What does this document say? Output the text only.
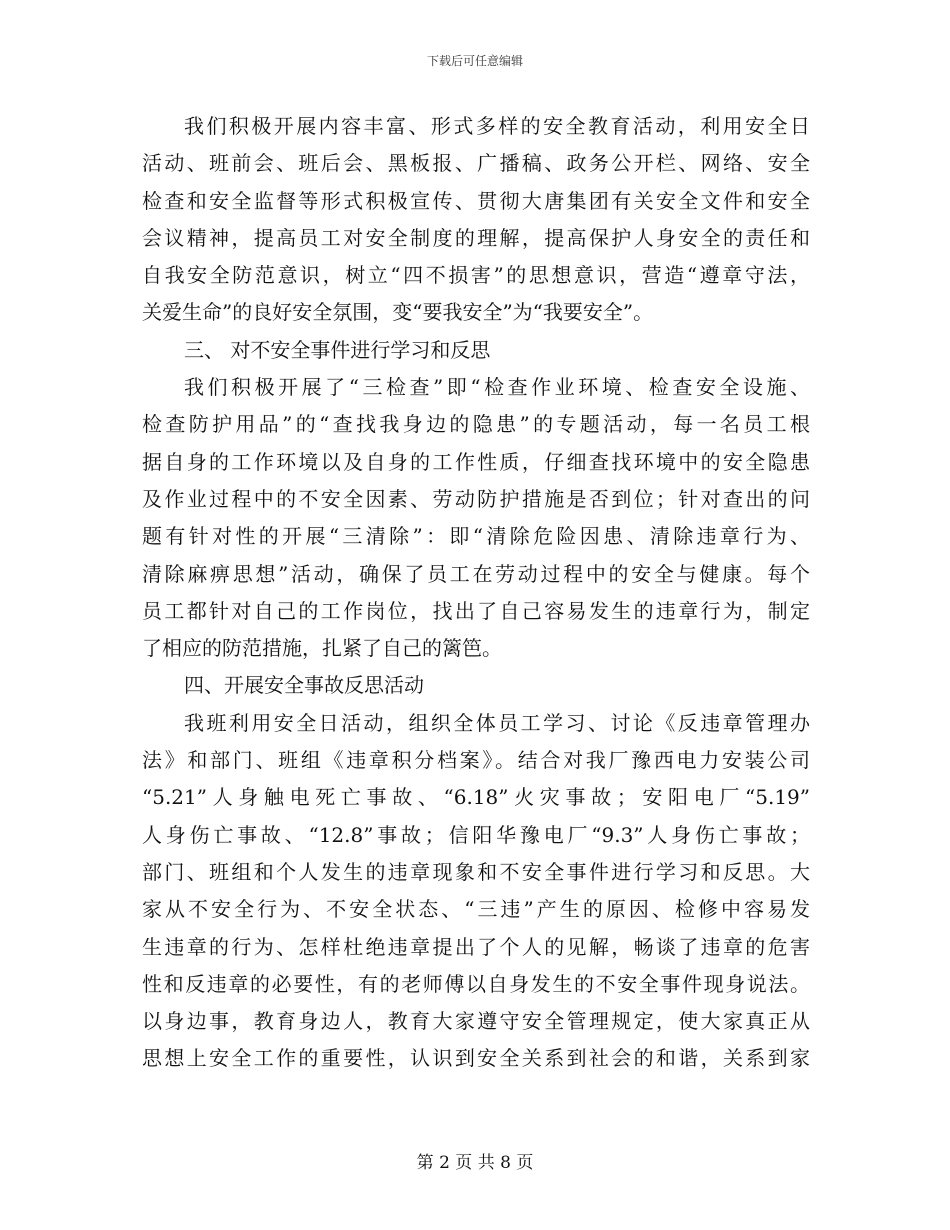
下载后可任意编辑
我们积极开展内容丰富、形式多样的安全教育活动，利用安全日
活动、班前会、班后会、黑板报、广播稿、政务公开栏、网络、安全
检查和安全监督等形式积极宣传、贯彻大唐集团有关安全文件和安全
会议精神，提高员工对安全制度的理解，提高保护人身安全的责任和
自我安全防范意识，树立“四不损害”的思想意识，营造“遵章守法，
关爱生命”的良好安全氛围，变“要我安全”为“我要安全”。
三、 对不安全事件进行学习和反思
我们积极开展了“三检查”即“检查作业环境、检查安全设施、
检查防护用品”的“查找我身边的隐患”的专题活动，每一名员工根
据自身的工作环境以及自身的工作性质，仔细查找环境中的安全隐患
及作业过程中的不安全因素、劳动防护措施是否到位；针对查出的问
题有针对性的开展“三清除”：即“清除危险因患、清除违章行为、
清除麻痹思想”活动，确保了员工在劳动过程中的安全与健康。每个
员工都针对自己的工作岗位，找出了自己容易发生的违章行为，制定
了相应的防范措施，扎紧了自己的篱笆。
四、开展安全事故反思活动
我班利用安全日活动，组织全体员工学习、讨论《反违章管理办
法》和部门、班组《违章积分档案》。结合对我厂豫西电力安装公司
“5.21”人身触电死亡事故、“6.18”火灾事故；安阳电厂“5.19”
人身伤亡事故、“12.8”事故；信阳华豫电厂“9.3”人身伤亡事故；
部门、班组和个人发生的违章现象和不安全事件进行学习和反思。大
家从不安全行为、不安全状态、“三违”产生的原因、检修中容易发
生违章的行为、怎样杜绝违章提出了个人的见解，畅谈了违章的危害
性和反违章的必要性，有的老师傅以自身发生的不安全事件现身说法。
以身边事，教育身边人，教育大家遵守安全管理规定，使大家真正从
思想上安全工作的重要性，认识到安全关系到社会的和谐，关系到家
第 2 页 共 8 页
